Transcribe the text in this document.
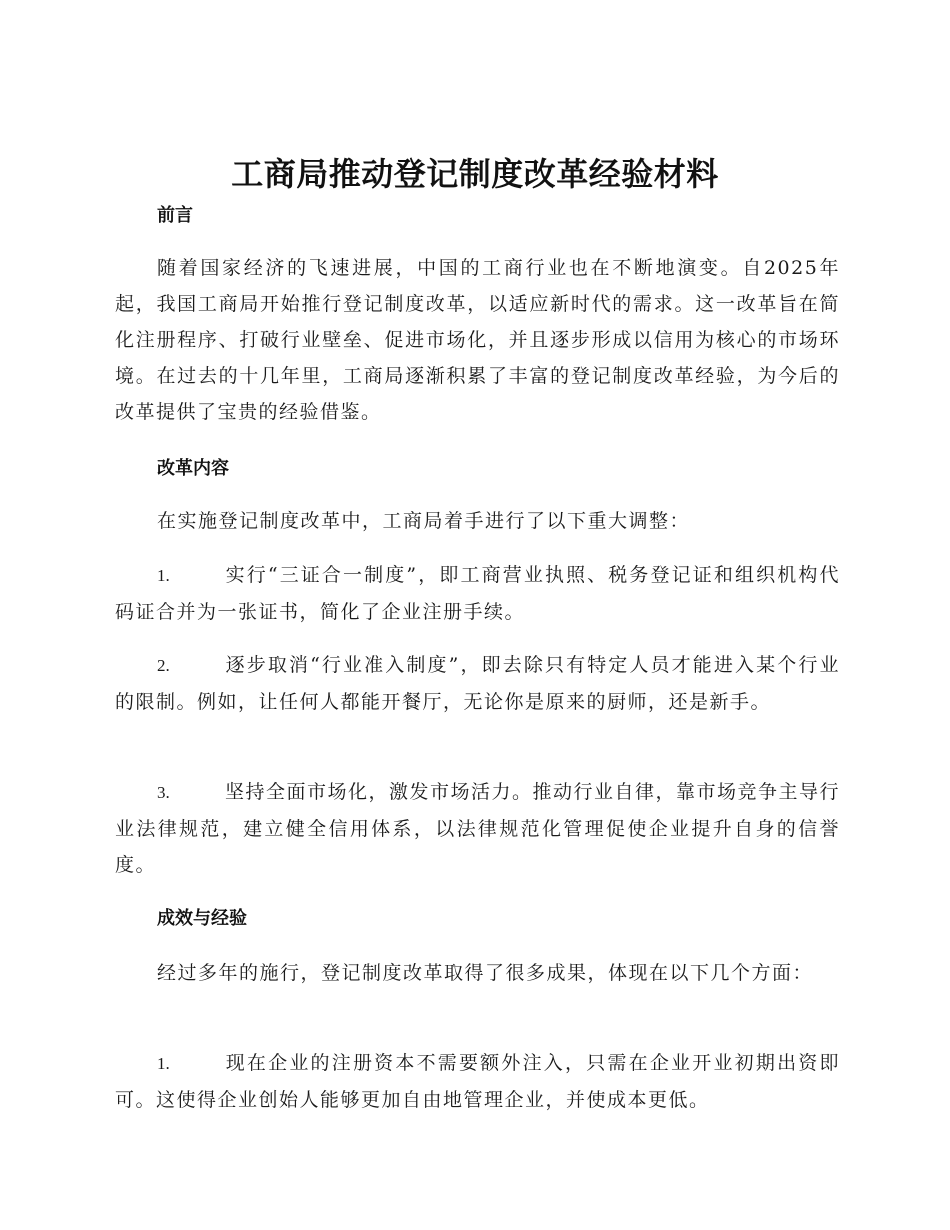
工商局推动登记制度改革经验材料
前言

随着国家经济的飞速进展，中国的工商行业也在不断地演变。自2025年起，我国工商局开始推行登记制度改革，以适应新时代的需求。这一改革旨在简化注册程序、打破行业壁垒、促进市场化，并且逐步形成以信用为核心的市场环境。在过去的十几年里，工商局逐渐积累了丰富的登记制度改革经验，为今后的改革提供了宝贵的经验借鉴。

改革内容

在实施登记制度改革中，工商局着手进行了以下重大调整：

1.	实行“三证合一制度”，即工商营业执照、税务登记证和组织机构代码证合并为一张证书，简化了企业注册手续。

2.	逐步取消“行业准入制度”，即去除只有特定人员才能进入某个行业的限制。例如，让任何人都能开餐厅，无论你是原来的厨师，还是新手。

3.	坚持全面市场化，激发市场活力。推动行业自律，靠市场竞争主导行业法律规范，建立健全信用体系，以法律规范化管理促使企业提升自身的信誉度。

成效与经验

经过多年的施行，登记制度改革取得了很多成果，体现在以下几个方面：

1.	现在企业的注册资本不需要额外注入，只需在企业开业初期出资即可。这使得企业创始人能够更加自由地管理企业，并使成本更低。
